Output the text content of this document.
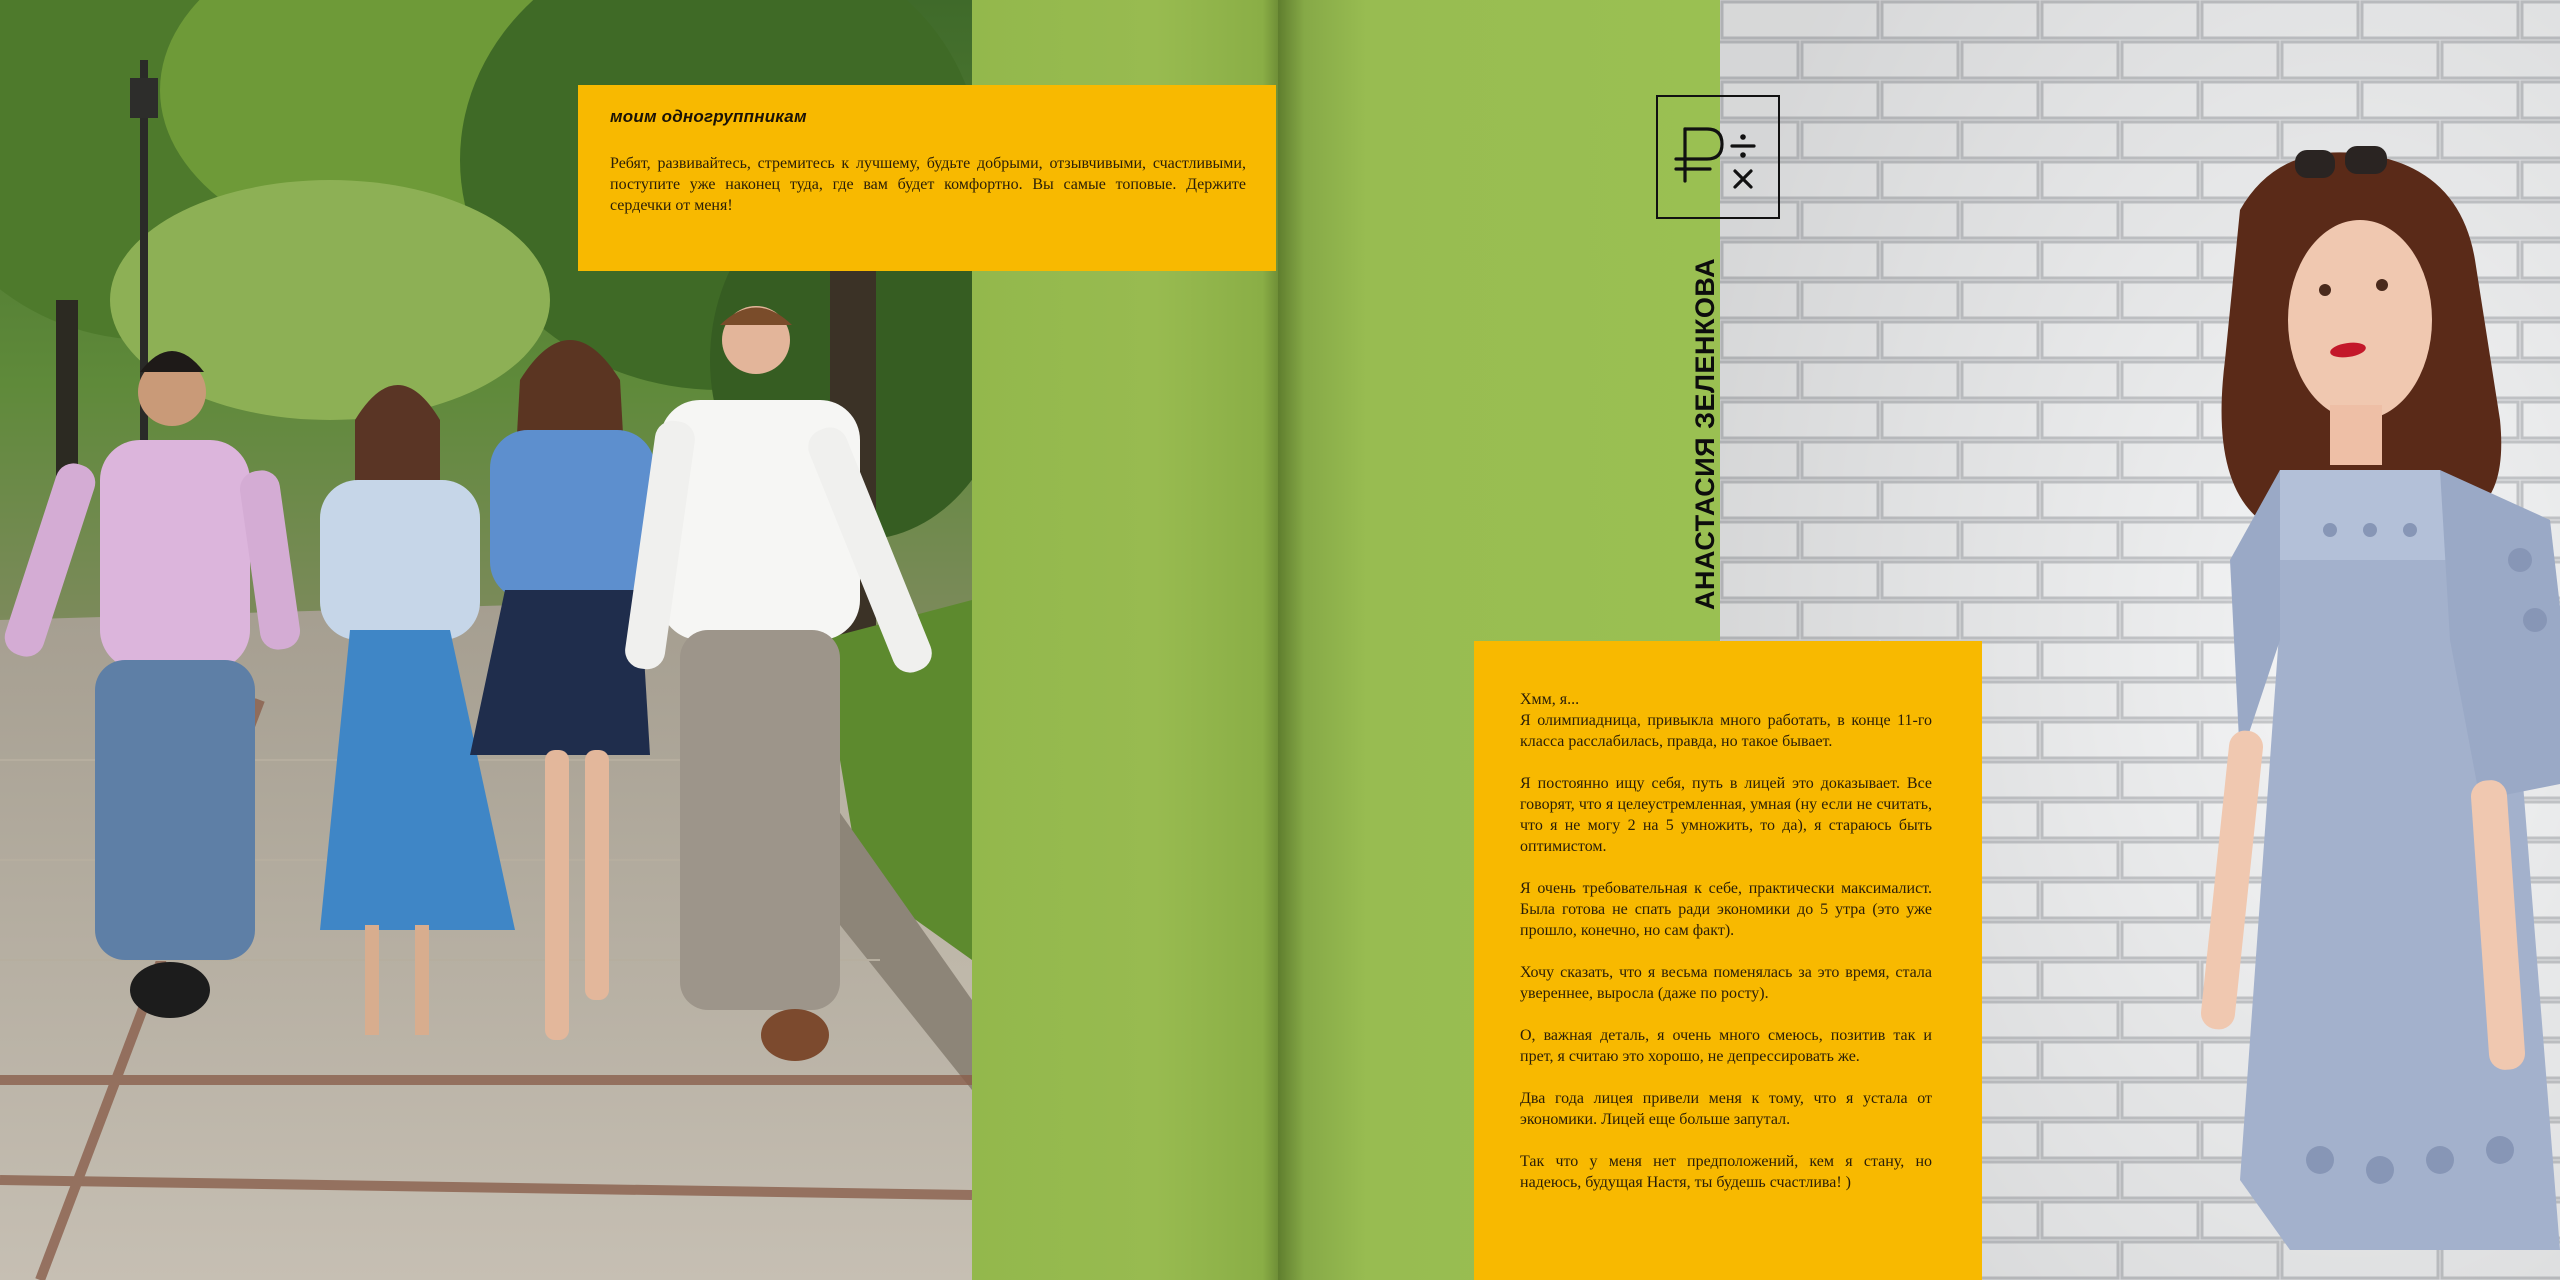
моим одногруппникам

Ребят, развивайтесь, стремитесь к лучшему, будьте добрыми, отзывчивыми, счастливыми, поступите уже наконец туда, где вам будет комфортно. Вы самые топовые. Держите сердечки от меня!

АНАСТАСИЯ ЗЕЛЕНКОВА

Хмм, я...
Я олимпиадница, привыкла много работать, в конце 11-го класса расслабилась, правда, но такое бывает.

Я постоянно ищу себя, путь в лицей это доказывает. Все говорят, что я целеустремленная, умная (ну если не считать, что я не могу 2 на 5 умножить, то да), я стараюсь быть оптимистом.

Я очень требовательная к себе, практически максималист. Была готова не спать ради экономики до 5 утра (это уже прошло, конечно, но сам факт).

Хочу сказать, что я весьма поменялась за это время, стала увереннее, выросла (даже по росту).

О, важная деталь, я очень много смеюсь, позитив так и прет, я считаю это хорошо, не депрессировать же.

Два года лицея привели меня к тому, что я устала от экономики. Лицей еще больше запутал.

Так что у меня нет предположений, кем я стану, но надеюсь, будущая Настя, ты будешь счастлива! )
